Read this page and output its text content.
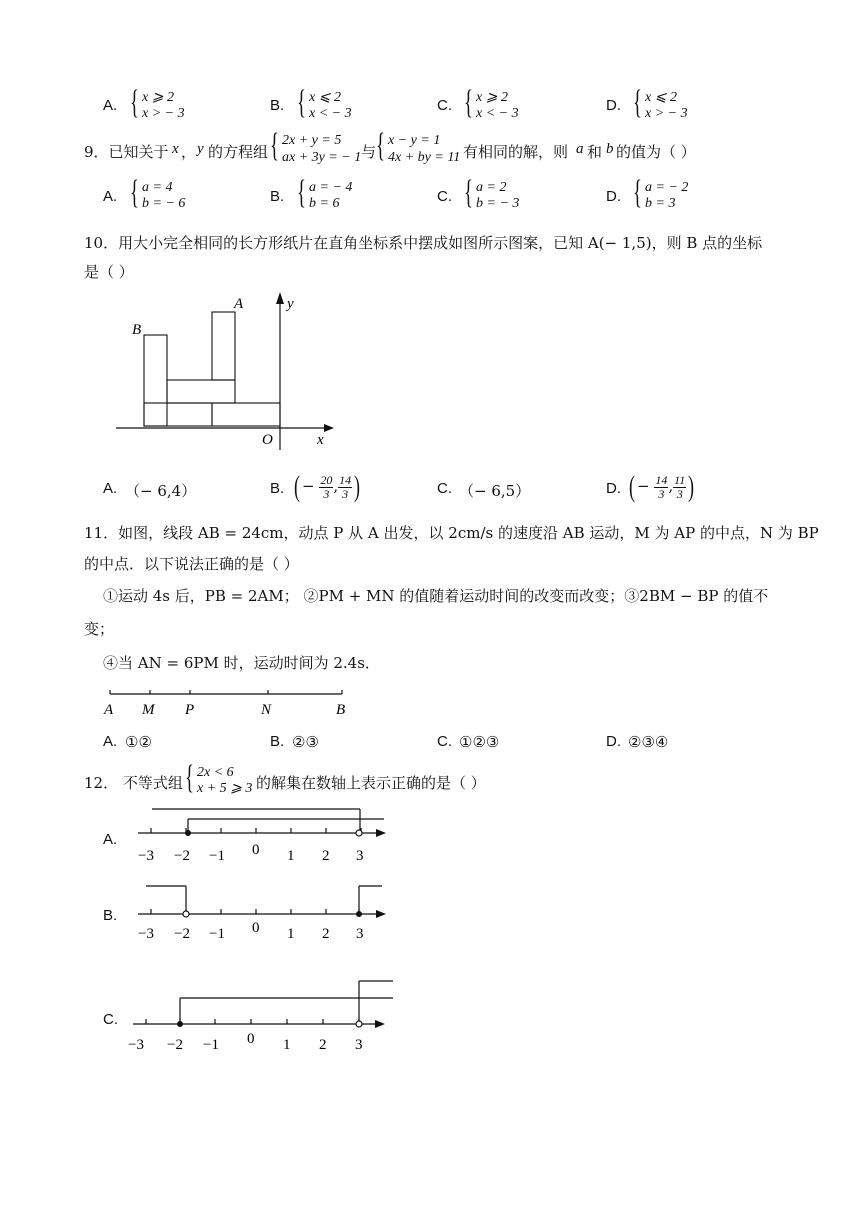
A. { x ⩾ 2
x > − 3	B. { x ⩽ 2
x < − 3	C. { x ⩾ 2
x < − 3	D. { x ⩽ 2
x > − 3
9．已知关于 x ， y 的方程组 { 2x + y = 5
ax + 3y = − 1 与 { x − y = 1
4x + by = 11 有相同的解，则 a 和 b 的值为（ ）
A. { a = 4
b = − 6	B. { a = − 4
b = 6	C. { a = 2
b = − 3	D. { a = − 2
b = 3
10．用大小完全相同的长方形纸片在直角坐标系中摆成如图所示图案，已知 A(− 1,5)，则 B 点的坐标
是（ ）
A
B
O	x
y
A. （− 6,4）	B. ( − $\frac{20}{3}$ , $\frac{14}{3}$ )	C. （− 6,5）	D. ( − $\frac{14}{3}$ , $\frac{11}{3}$ )
11．如图，线段 AB = 24cm，动点 P 从 A 出发，以 2cm/s 的速度沿 AB 运动，M 为 AP 的中点，N 为 BP
的中点．以下说法正确的是（ ）
①运动 4s 后，PB = 2AM； ②PM + MN 的值随着运动时间的改变而改变；③2BM − BP 的值不
变；
④当 AN = 6PM 时，运动时间为 2.4s．
A M P	N	B
A. ①②	B. ②③	C. ①②③	D. ②③④
12． 不等式组 { 2x < 6
x + 5 ⩾ 3 的解集在数轴上表示正确的是（ ）
A.
−3 −2 −1 0 1 2 3
B.
−3 −2 −1 0 1 2 3
C.
−3 −2 −1 0 1 2 3
